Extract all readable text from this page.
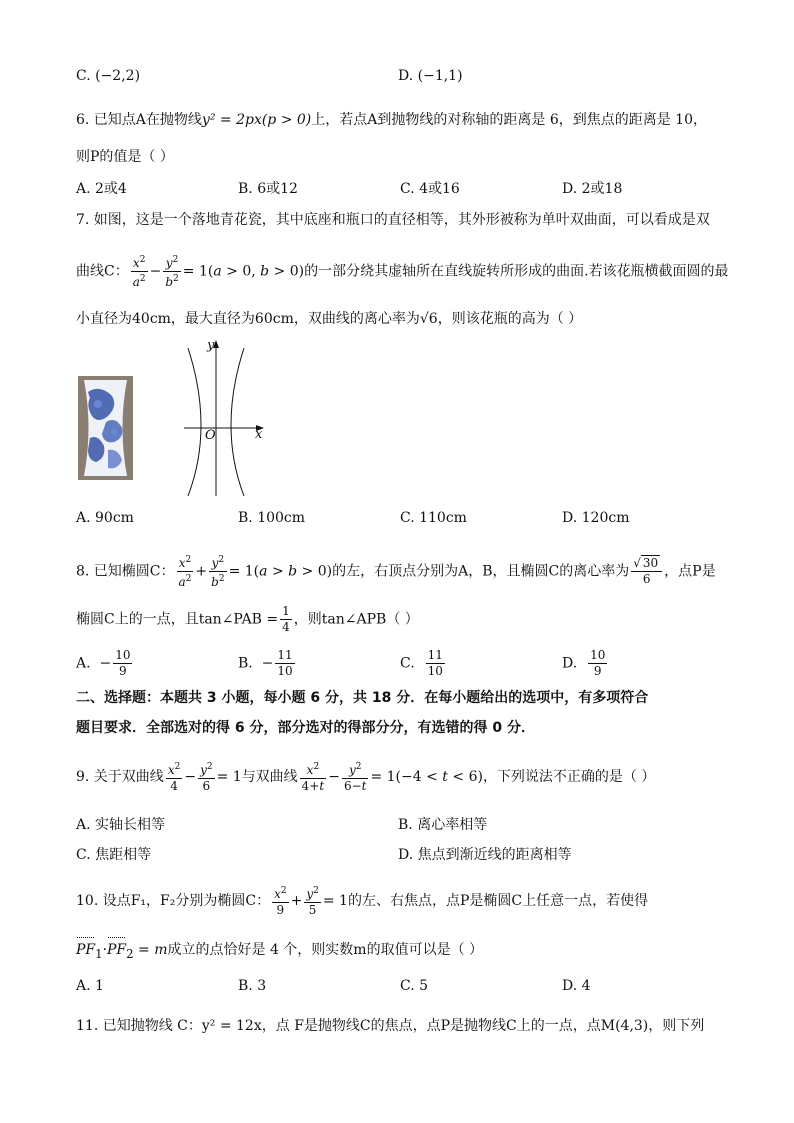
C. (−2,2)	D. (−1,1)
6. 已知点A在抛物线y² = 2px(p > 0)上，若点A到抛物线的对称轴的距离是 6，到焦点的距离是 10，
则P的值是（ ）
A. 2或4	B. 6或12	C. 4或16	D. 2或18
7. 如图，这是一个落地青花瓷，其中底座和瓶口的直径相等，其外形被称为单叶双曲面，可以看成是双
曲线C： $\frac{x^2}{a^2} - \frac{y^2}{b^2} = 1(a > 0$, b > 0)的一部分绕其虚轴所在直线旋转所形成的曲面.若该花瓶横截面圆的最
小直径为40cm，最大直径为60cm，双曲线的离心率为√6，则该花瓶的高为（ ）
y
x
O
A. 90cm	B. 100cm	C. 110cm	D. 120cm
8. 已知椭圆C： $\frac{x^2}{a^2} + \frac{y^2}{b^2} = 1(a > b > 0)$的左，右顶点分别为A，B，且椭圆C的离心率为 $\frac{√ 30}{6}$ ，点P是
椭圆C上的一点，且tan∠PAB = $\frac{1}{4}$ ，则tan∠APB（ ）
A.  − $\frac{10}{9}$	B.  − $\frac{11}{10}$	C. $\frac{11}{10}$	D. $\frac{10}{9}$
二、选择题：本题共 3 小题，每小题 6 分，共 18 分．在每小题给出的选项中，有多项符合
题目要求．全部选对的得 6 分，部分选对的得部分分，有选错的得 0 分．
9. 关于双曲线 $\frac{x^2}{4} - \frac{y^2}{6} = 1$与双曲线 $\frac{x^2}{4+t} - \frac{y^2}{6-t} = 1(-4 < t < 6)$，下列说法不正确的是（ ）
A. 实轴长相等	B. 离心率相等
C. 焦距相等	D. 焦点到渐近线的距离相等
10. 设点F₁，F₂分别为椭圆C： $\frac{x^2}{9} + \frac{y^2}{5} = 1$的左、右焦点，点P是椭圆C上任意一点，若使得
$PF_1\cdot PF_2 = m$成立的点恰好是 4 个，则实数m的取值可以是（ ）
A. 1	B. 3	C. 5	D. 4
11. 已知抛物线 C：y² = 12x，点 F是抛物线C的焦点，点P是抛物线C上的一点，点M(4,3)，则下列
